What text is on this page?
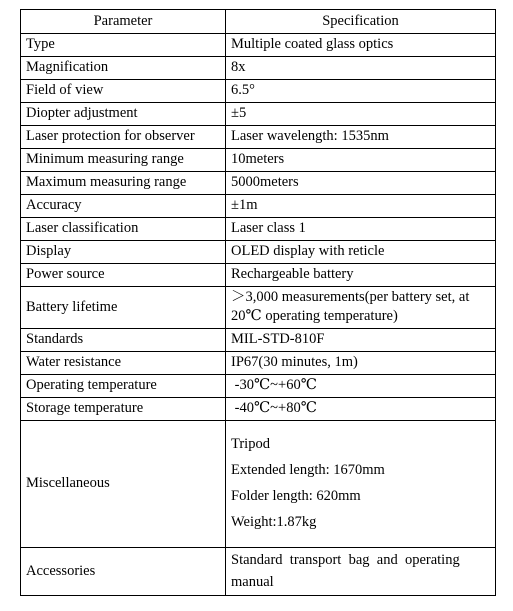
Parameter	Specification
Type	Multiple coated glass optics
Magnification	8x
Field of view	6.5°
Diopter adjustment	±5
Laser protection for observer	Laser wavelength: 1535nm
Minimum measuring range	10meters
Maximum measuring range	5000meters
Accuracy	±1m
Laser classification	Laser class 1
Display	OLED display with reticle
Power source	Rechargeable battery
Battery lifetime	＞3,000 measurements(per battery set, at
20℃ operating temperature)

Standards	MIL-STD-810F
Water resistance	IP67(30 minutes, 1m)
Operating temperature	-30℃~+60℃
Storage temperature	-40℃~+80℃
Miscellaneous	Tripod
Extended length: 1670mm
Folder length: 620mm
Weight:1.87kg

Accessories	Standard  transport  bag  and  operating
manual
